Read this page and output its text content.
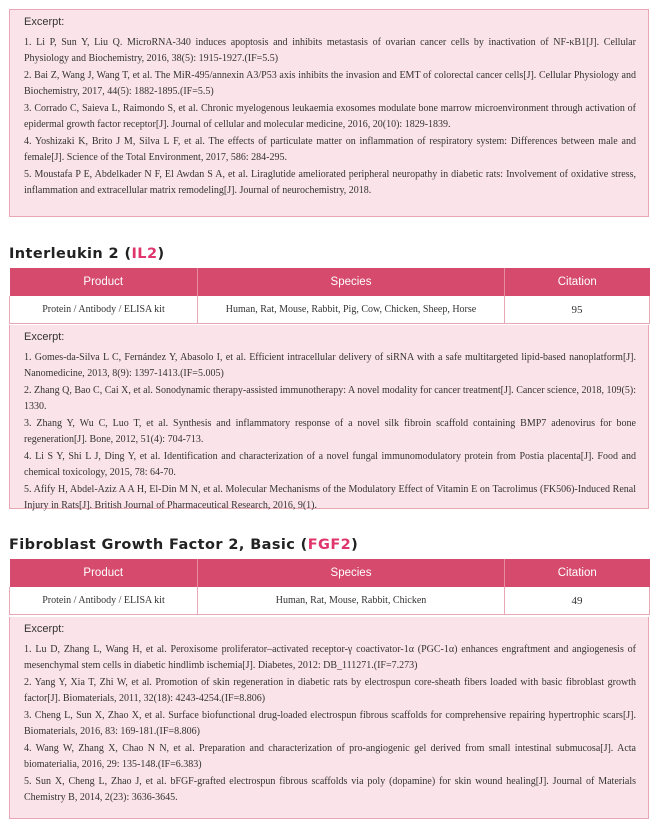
Excerpt:

1. Li P, Sun Y, Liu Q. MicroRNA-340 induces apoptosis and inhibits metastasis of ovarian cancer cells by inactivation of NF-κB1[J]. Cellular Physiology and Biochemistry, 2016, 38(5): 1915-1927.(IF=5.5)

2. Bai Z, Wang J, Wang T, et al. The MiR-495/annexin A3/P53 axis inhibits the invasion and EMT of colorectal cancer cells[J]. Cellular Physiology and Biochemistry, 2017, 44(5): 1882-1895.(IF=5.5)

3. Corrado C, Saieva L, Raimondo S, et al. Chronic myelogenous leukaemia exosomes modulate bone marrow microenvironment through activation of epidermal growth factor receptor[J]. Journal of cellular and molecular medicine, 2016, 20(10): 1829-1839.

4. Yoshizaki K, Brito J M, Silva L F, et al. The effects of particulate matter on inflammation of respiratory system: Differences between male and female[J]. Science of the Total Environment, 2017, 586: 284-295.

5. Moustafa P E, Abdelkader N F, El Awdan S A, et al. Liraglutide ameliorated peripheral neuropathy in diabetic rats: Involvement of oxidative stress, inflammation and extracellular matrix remodeling[J]. Journal of neurochemistry, 2018.

Interleukin 2 (IL2)
Product	Species	Citation
Protein / Antibody / ELISA kit	Human, Rat, Mouse, Rabbit, Pig, Cow, Chicken, Sheep, Horse	95
Excerpt:

1. Gomes-da-Silva L C, Fernández Y, Abasolo I, et al. Efficient intracellular delivery of siRNA with a safe multitargeted lipid-based nanoplatform[J]. Nanomedicine, 2013, 8(9): 1397-1413.(IF=5.005)

2. Zhang Q, Bao C, Cai X, et al. Sonodynamic therapy-assisted immunotherapy: A novel modality for cancer treatment[J]. Cancer science, 2018, 109(5): 1330.

3. Zhang Y, Wu C, Luo T, et al. Synthesis and inflammatory response of a novel silk fibroin scaffold containing BMP7 adenovirus for bone regeneration[J]. Bone, 2012, 51(4): 704-713.

4. Li S Y, Shi L J, Ding Y, et al. Identification and characterization of a novel fungal immunomodulatory protein from Postia placenta[J]. Food and chemical toxicology, 2015, 78: 64-70.

5. Afify H, Abdel-Aziz A A H, El-Din M N, et al. Molecular Mechanisms of the Modulatory Effect of Vitamin E on Tacrolimus (FK506)-Induced Renal Injury in Rats[J]. British Journal of Pharmaceutical Research, 2016, 9(1).

Fibroblast Growth Factor 2, Basic (FGF2)
Product	Species	Citation
Protein / Antibody / ELISA kit	Human, Rat, Mouse, Rabbit, Chicken	49
Excerpt:

1. Lu D, Zhang L, Wang H, et al. Peroxisome proliferator–activated receptor-γ coactivator-1α (PGC-1α) enhances engraftment and angiogenesis of mesenchymal stem cells in diabetic hindlimb ischemia[J]. Diabetes, 2012: DB_111271.(IF=7.273)

2. Yang Y, Xia T, Zhi W, et al. Promotion of skin regeneration in diabetic rats by electrospun core-sheath fibers loaded with basic fibroblast growth factor[J]. Biomaterials, 2011, 32(18): 4243-4254.(IF=8.806)

3. Cheng L, Sun X, Zhao X, et al. Surface biofunctional drug-loaded electrospun fibrous scaffolds for comprehensive repairing hypertrophic scars[J]. Biomaterials, 2016, 83: 169-181.(IF=8.806)

4. Wang W, Zhang X, Chao N N, et al. Preparation and characterization of pro-angiogenic gel derived from small intestinal submucosa[J]. Acta biomaterialia, 2016, 29: 135-148.(IF=6.383)

5. Sun X, Cheng L, Zhao J, et al. bFGF-grafted electrospun fibrous scaffolds via poly (dopamine) for skin wound healing[J]. Journal of Materials Chemistry B, 2014, 2(23): 3636-3645.
